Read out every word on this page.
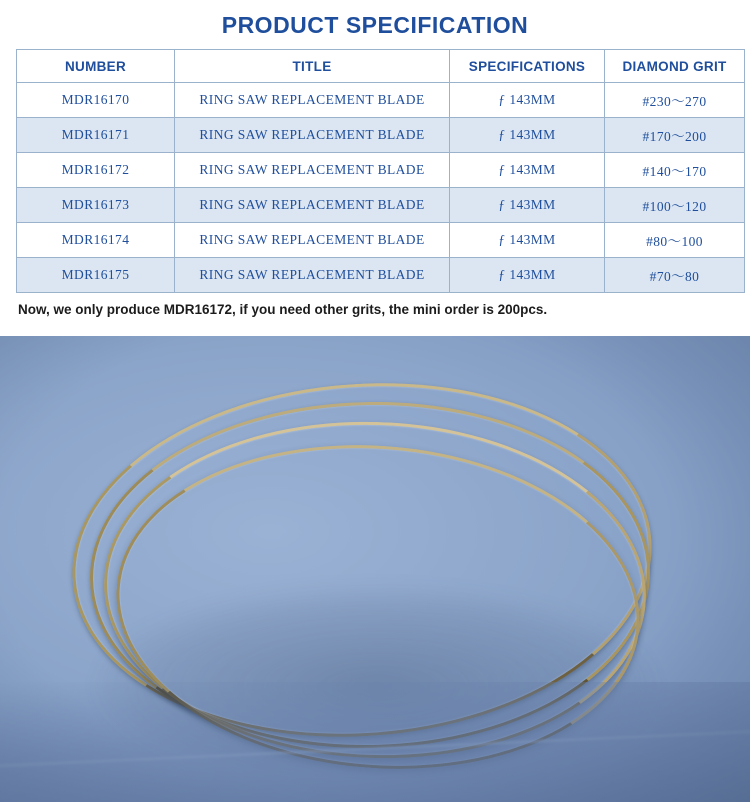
PRODUCT SPECIFICATION
NUMBER	TITLE	SPECIFICATIONS	DIAMOND GRIT
MDR16170	RING SAW REPLACEMENT BLADE	ƒ 143MM	#230～270
MDR16171	RING SAW REPLACEMENT BLADE	ƒ 143MM	#170～200
MDR16172	RING SAW REPLACEMENT BLADE	ƒ 143MM	#140～170
MDR16173	RING SAW REPLACEMENT BLADE	ƒ 143MM	#100～120
MDR16174	RING SAW REPLACEMENT BLADE	ƒ 143MM	#80～100
MDR16175	RING SAW REPLACEMENT BLADE	ƒ 143MM	#70～80

Now, we only produce MDR16172, if you need other grits, the mini order is 200pcs.
